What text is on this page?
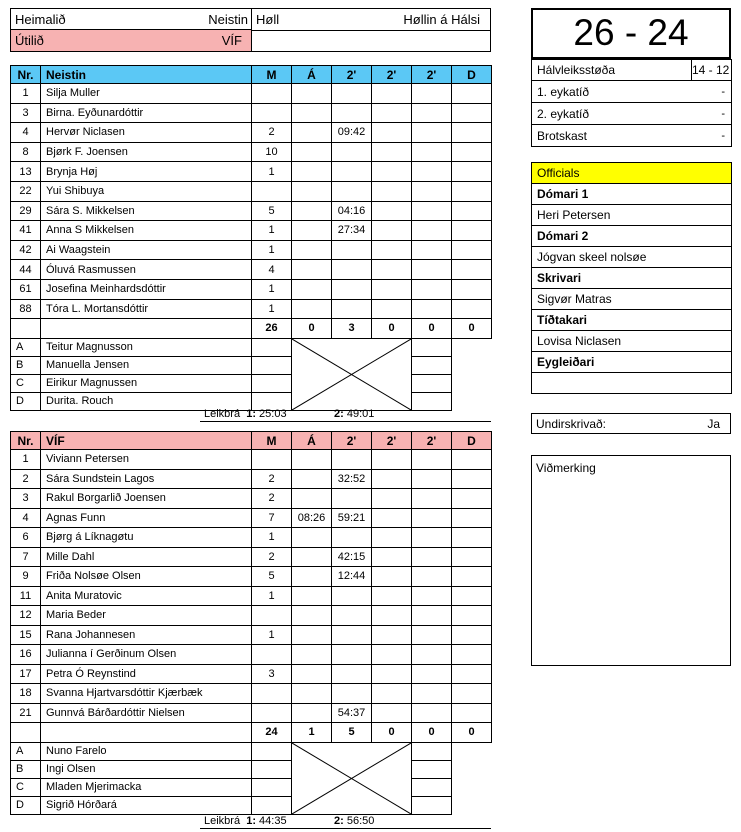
Heimalið	Neistin
Útilið	VÍF
Høll	Høllin á Hálsi
Nr.	Neistin	M	Á	2'	2'	2'	D
1	Silja Muller						
3	Birna. Eyðunardóttir						
4	Hervør Niclasen	2		09:42			
8	Bjørk F. Joensen	10					
13	Brynja Høj	1					
22	Yui Shibuya						
29	Sára S. Mikkelsen	5		04:16			
41	Anna S Mikkelsen	1		27:34			
42	Ai Waagstein	1					
44	Óluvá Rasmussen	4					
61	Josefina Meinhardsdóttir	1					
88	Tóra L. Mortansdóttir	1					
		26	0	3	0	0	0
A	Teitur Magnusson		

B	Manuella Jensen						
C	Eirikur Magnussen						
D	Durita. Rouch						
Leikbrá 1: 25:03	2: 49:01
Nr.	VÍF	M	Á	2'	2'	2'	D
1	Viviann Petersen						
2	Sára Sundstein Lagos	2		32:52			
3	Rakul Borgarlið Joensen	2					
4	Agnas Funn	7	08:26	59:21			
6	Bjørg á Líknagøtu	1					
7	Mille Dahl	2		42:15			
9	Friða Nolsøe Olsen	5		12:44			
11	Anita Muratovic	1					
12	Maria Beder						
15	Rana Johannesen	1					
16	Julianna í Gerðinum Olsen						
17	Petra Ó Reynstind	3					
18	Svanna Hjartvarsdóttir Kjærbæk						
21	Gunnvá Bárðardóttir Nielsen			54:37			
		24	1	5	0	0	0
A	Nuno Farelo		

B	Ingi Olsen						
C	Mladen Mjerimacka						
D	Sigrið Hórðará						
Leikbrá 1: 44:35	2: 56:50
26 - 24
Hálvleiksstøða	14 - 12
1. eykatíð	-
2. eykatíð	-
Brotskast	-
Officials
Dómari 1
Heri Petersen
Dómari 2
Jógvan skeel nolsøe
Skrivari
Sigvør Matras
Tíðtakari
Lovisa Niclasen
Eygleiðari

Undirskrivað:	Ja
Viðmerking
